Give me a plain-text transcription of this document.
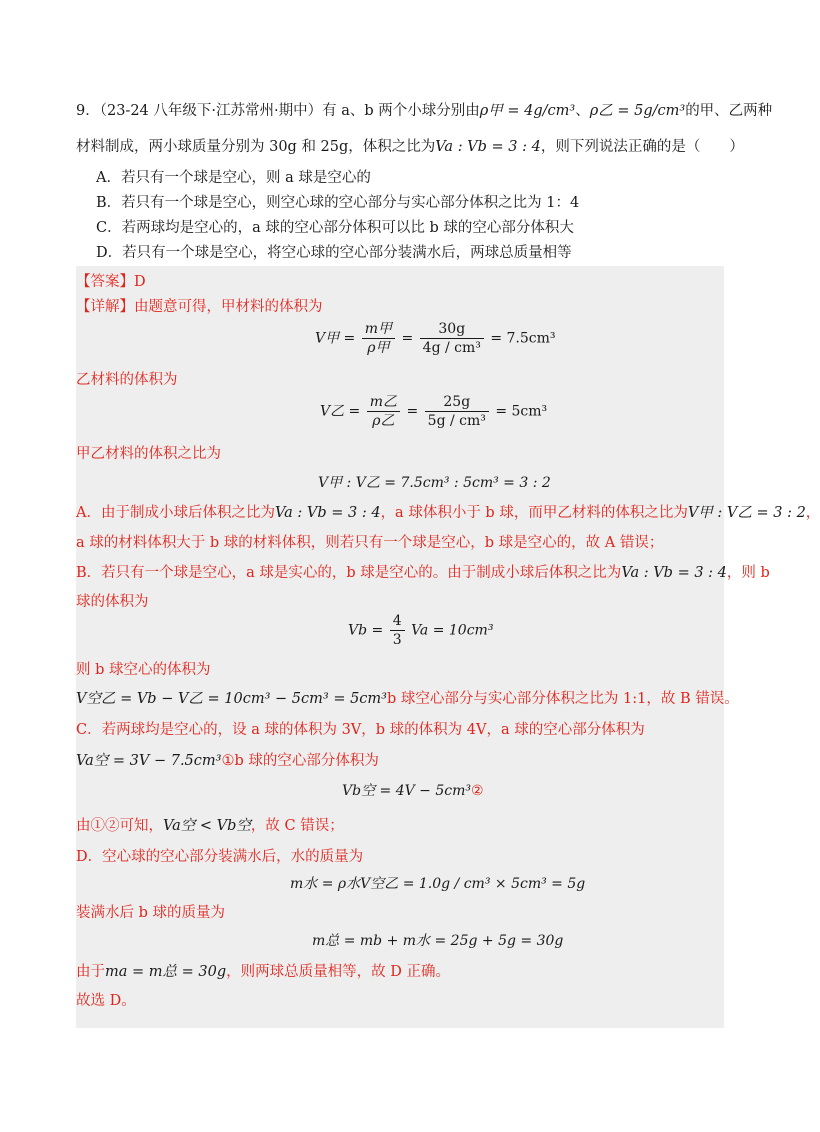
9．（23-24 八年级下·江苏常州·期中）有 a、b 两个小球分别由ρ甲 = 4g/cm³、ρ乙 = 5g/cm³的甲、乙两种
材料制成，两小球质量分别为 30g 和 25g，体积之比为Va : Vb = 3 : 4，则下列说法正确的是（　　）
A．若只有一个球是空心，则 a 球是空心的
B．若只有一个球是空心，则空心球的空心部分与实心部分体积之比为 1：4
C．若两球均是空心的，a 球的空心部分体积可以比 b 球的空心部分体积大
D．若只有一个球是空心，将空心球的空心部分装满水后，两球总质量相等
【答案】D
【详解】由题意可得，甲材料的体积为
V甲 = $\frac{\text{m甲}}{\text{ρ甲}} = \frac{30g}{\text{4g / cm³}} = 7.5cm^3$
乙材料的体积为
V乙 = $\frac{\text{m乙}}{\text{ρ乙}} = \frac{25g}{\text{5g / cm³}} = 5cm^3$
甲乙材料的体积之比为
V甲 : V乙 = 7.5cm³ : 5cm³ = 3 : 2
A．由于制成小球后体积之比为Va : Vb = 3 : 4，a 球体积小于 b 球，而甲乙材料的体积之比为V甲 : V乙 = 3 : 2，
a 球的材料体积大于 b 球的材料体积，则若只有一个球是空心，b 球是空心的，故 A 错误；
B．若只有一个球是空心，a 球是实心的，b 球是空心的。由于制成小球后体积之比为Va : Vb = 3 : 4，则 b
球的体积为
$Vb = \frac{4}{3}$ Va = 10cm³
则 b 球空心的体积为
V空乙 = Vb − V乙 = 10cm³ − 5cm³ = 5cm³b 球空心部分与实心部分体积之比为 1:1，故 B 错误。
C．若两球均是空心的，设 a 球的体积为 3V，b 球的体积为 4V，a 球的空心部分体积为
Va空 = 3V − 7.5cm³①b 球的空心部分体积为
Vb空 = 4V − 5cm³②
由①②可知，Va空 < Vb空，故 C 错误；
D．空心球的空心部分装满水后，水的质量为
m水 = ρ水V空乙 = 1.0g / cm³ × 5cm³ = 5g
装满水后 b 球的质量为
m总 = mb + m水 = 25g + 5g = 30g
由于ma = m总 = 30g，则两球总质量相等，故 D 正确。
故选 D。
